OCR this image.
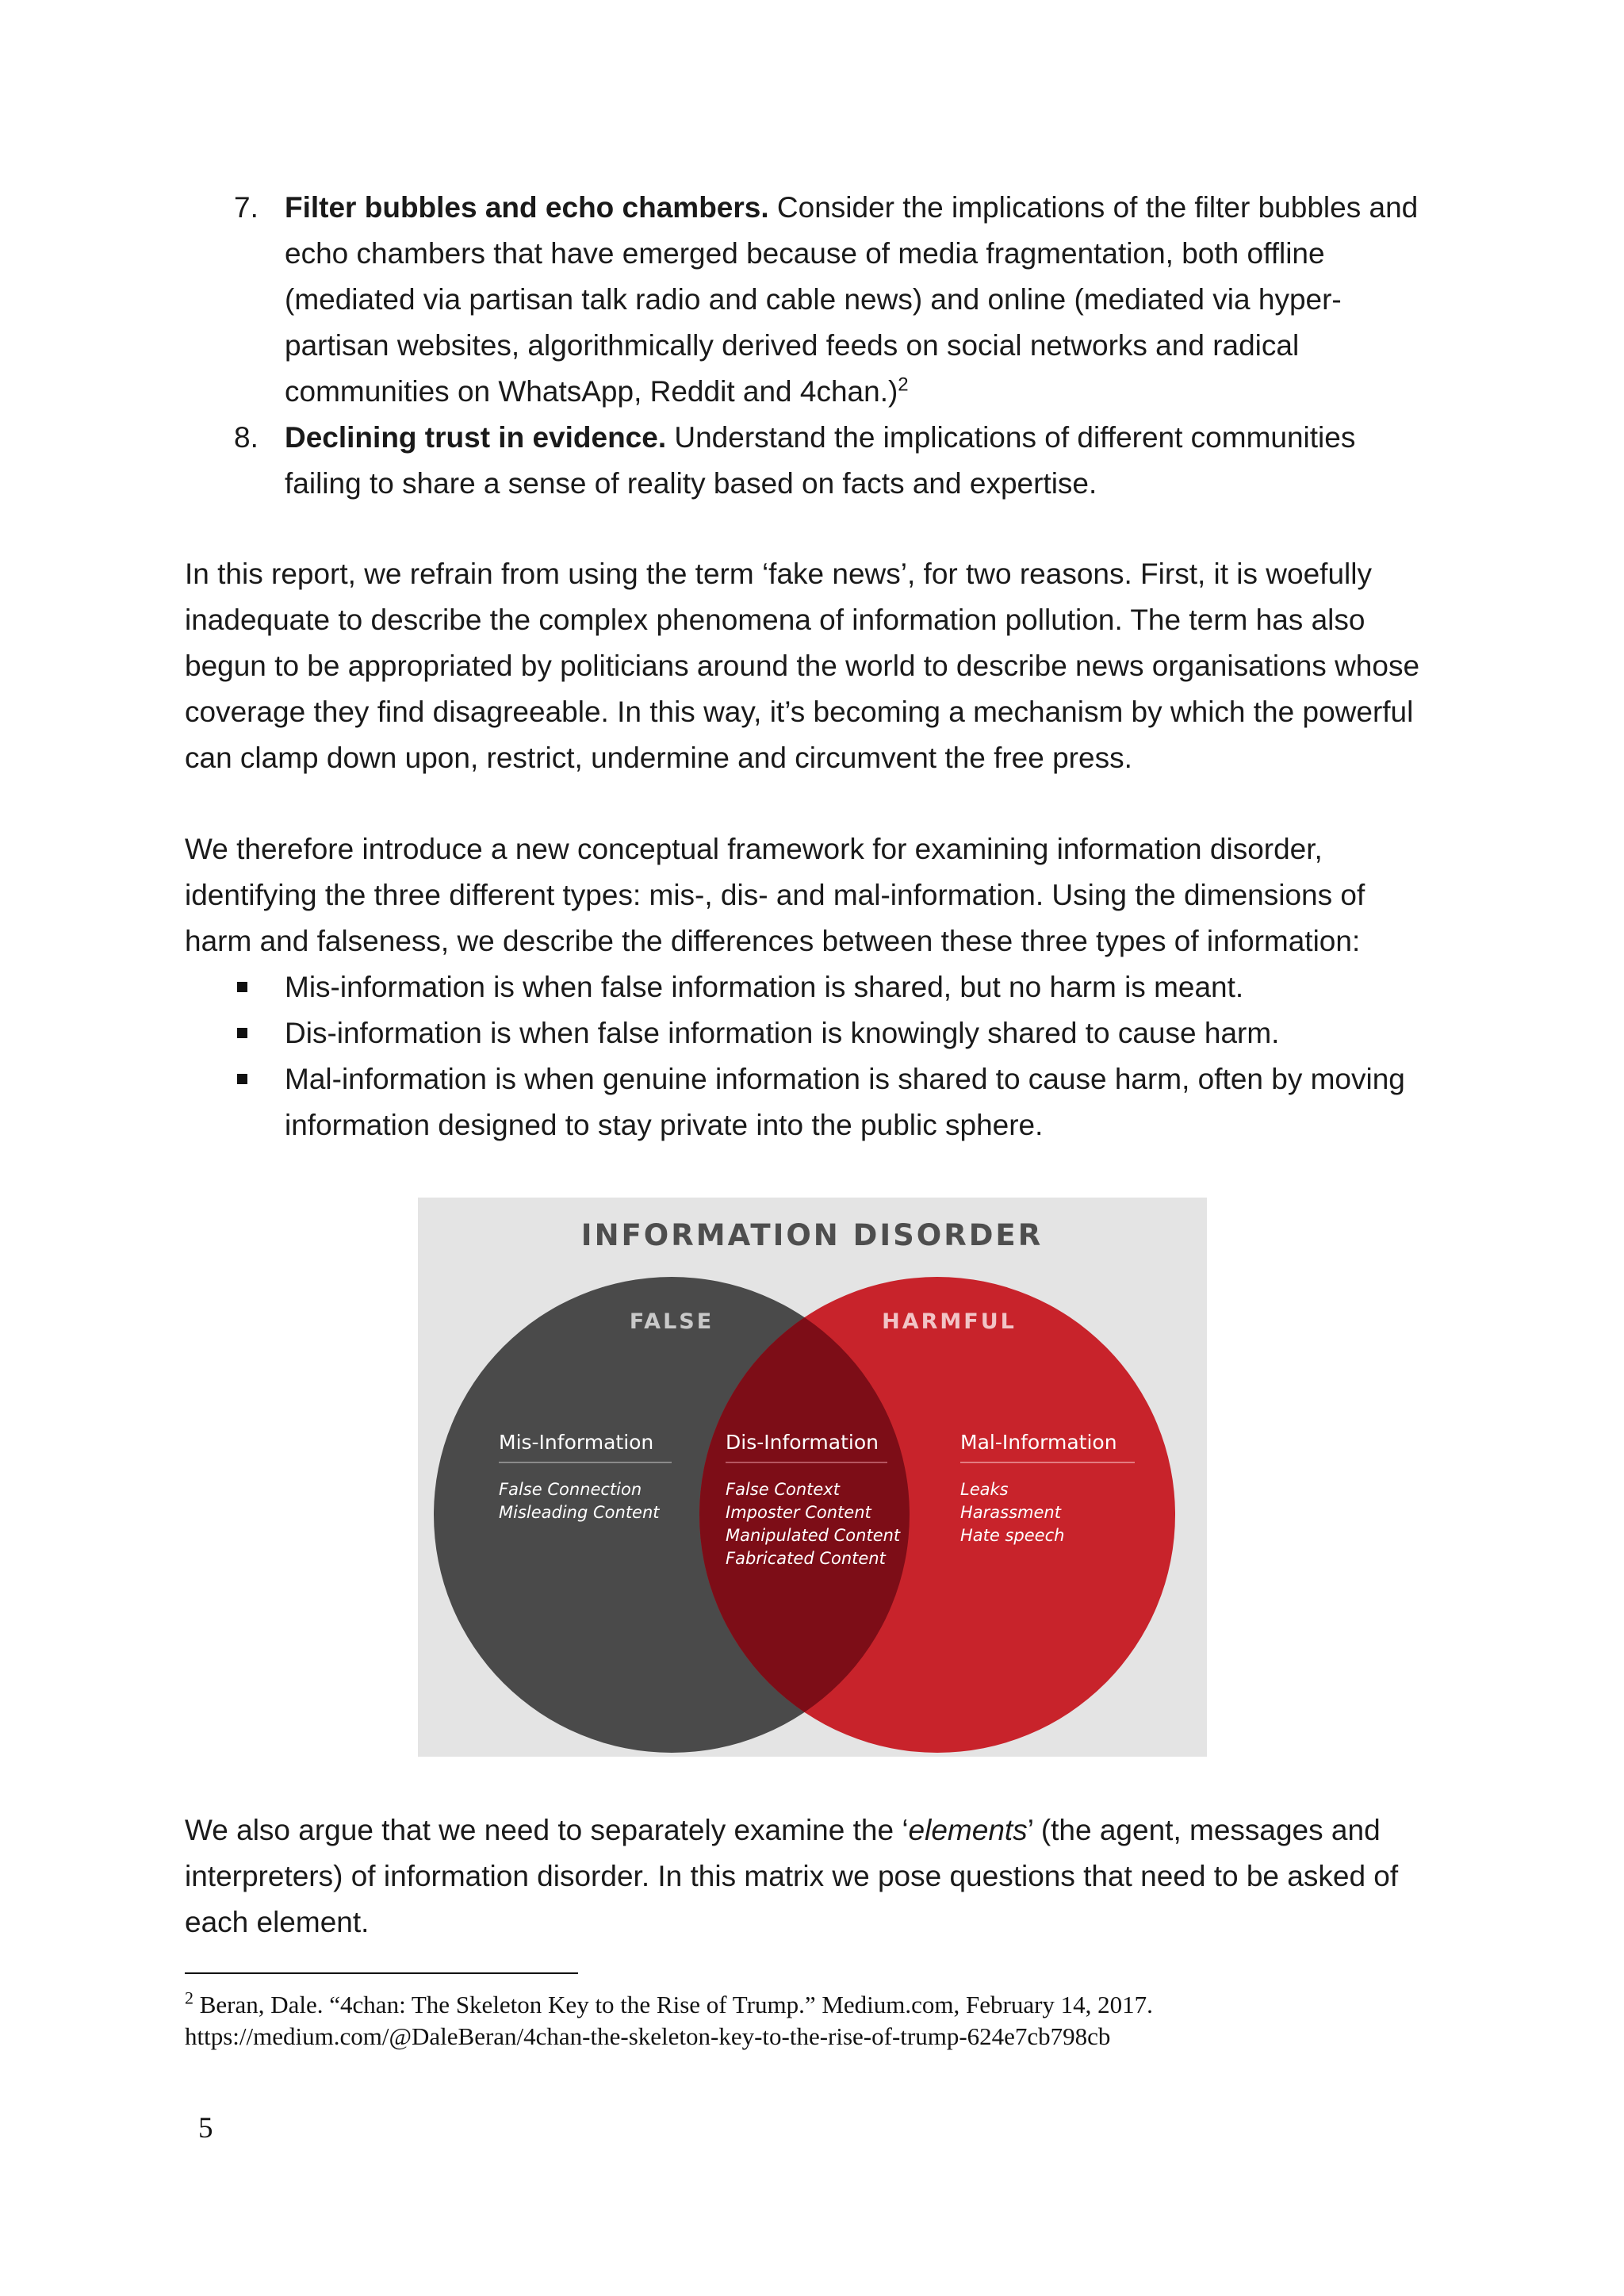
7. Filter bubbles and echo chambers. Consider the implications of the filter bubbles and echo chambers that have emerged because of media fragmentation, both offline (mediated via partisan talk radio and cable news) and online (mediated via hyper-partisan websites, algorithmically derived feeds on social networks and radical communities on WhatsApp, Reddit and 4chan.)$^2$
8. Declining trust in evidence. Understand the implications of different communities failing to share a sense of reality based on facts and expertise.
In this report, we refrain from using the term ‘fake news’, for two reasons. First, it is woefully inadequate to describe the complex phenomena of information pollution. The term has also begun to be appropriated by politicians around the world to describe news organisations whose coverage they find disagreeable. In this way, it’s becoming a mechanism by which the powerful can clamp down upon, restrict, undermine and circumvent the free press.
We therefore introduce a new conceptual framework for examining information disorder, identifying the three different types: mis-, dis- and mal-information. Using the dimensions of harm and falseness, we describe the differences between these three types of information:
Mis-information is when false information is shared, but no harm is meant.
Dis-information is when false information is knowingly shared to cause harm.
Mal-information is when genuine information is shared to cause harm, often by moving information designed to stay private into the public sphere.
INFORMATION DISORDER
FALSE	HARMFUL
Mis-Information	Dis-Information	Mal-Information
False Connection
Misleading Content
False Context
Imposter Content
Manipulated Content
Fabricated Content
Leaks
Harassment
Hate speech
We also argue that we need to separately examine the ‘elements’ (the agent, messages and interpreters) of information disorder. In this matrix we pose questions that need to be asked of each element.
$^2$ Beran, Dale. “4chan: The Skeleton Key to the Rise of Trump.” Medium.com, February 14, 2017.
https://medium.com/@DaleBeran/4chan-the-skeleton-key-to-the-rise-of-trump-624e7cb798cb
5
